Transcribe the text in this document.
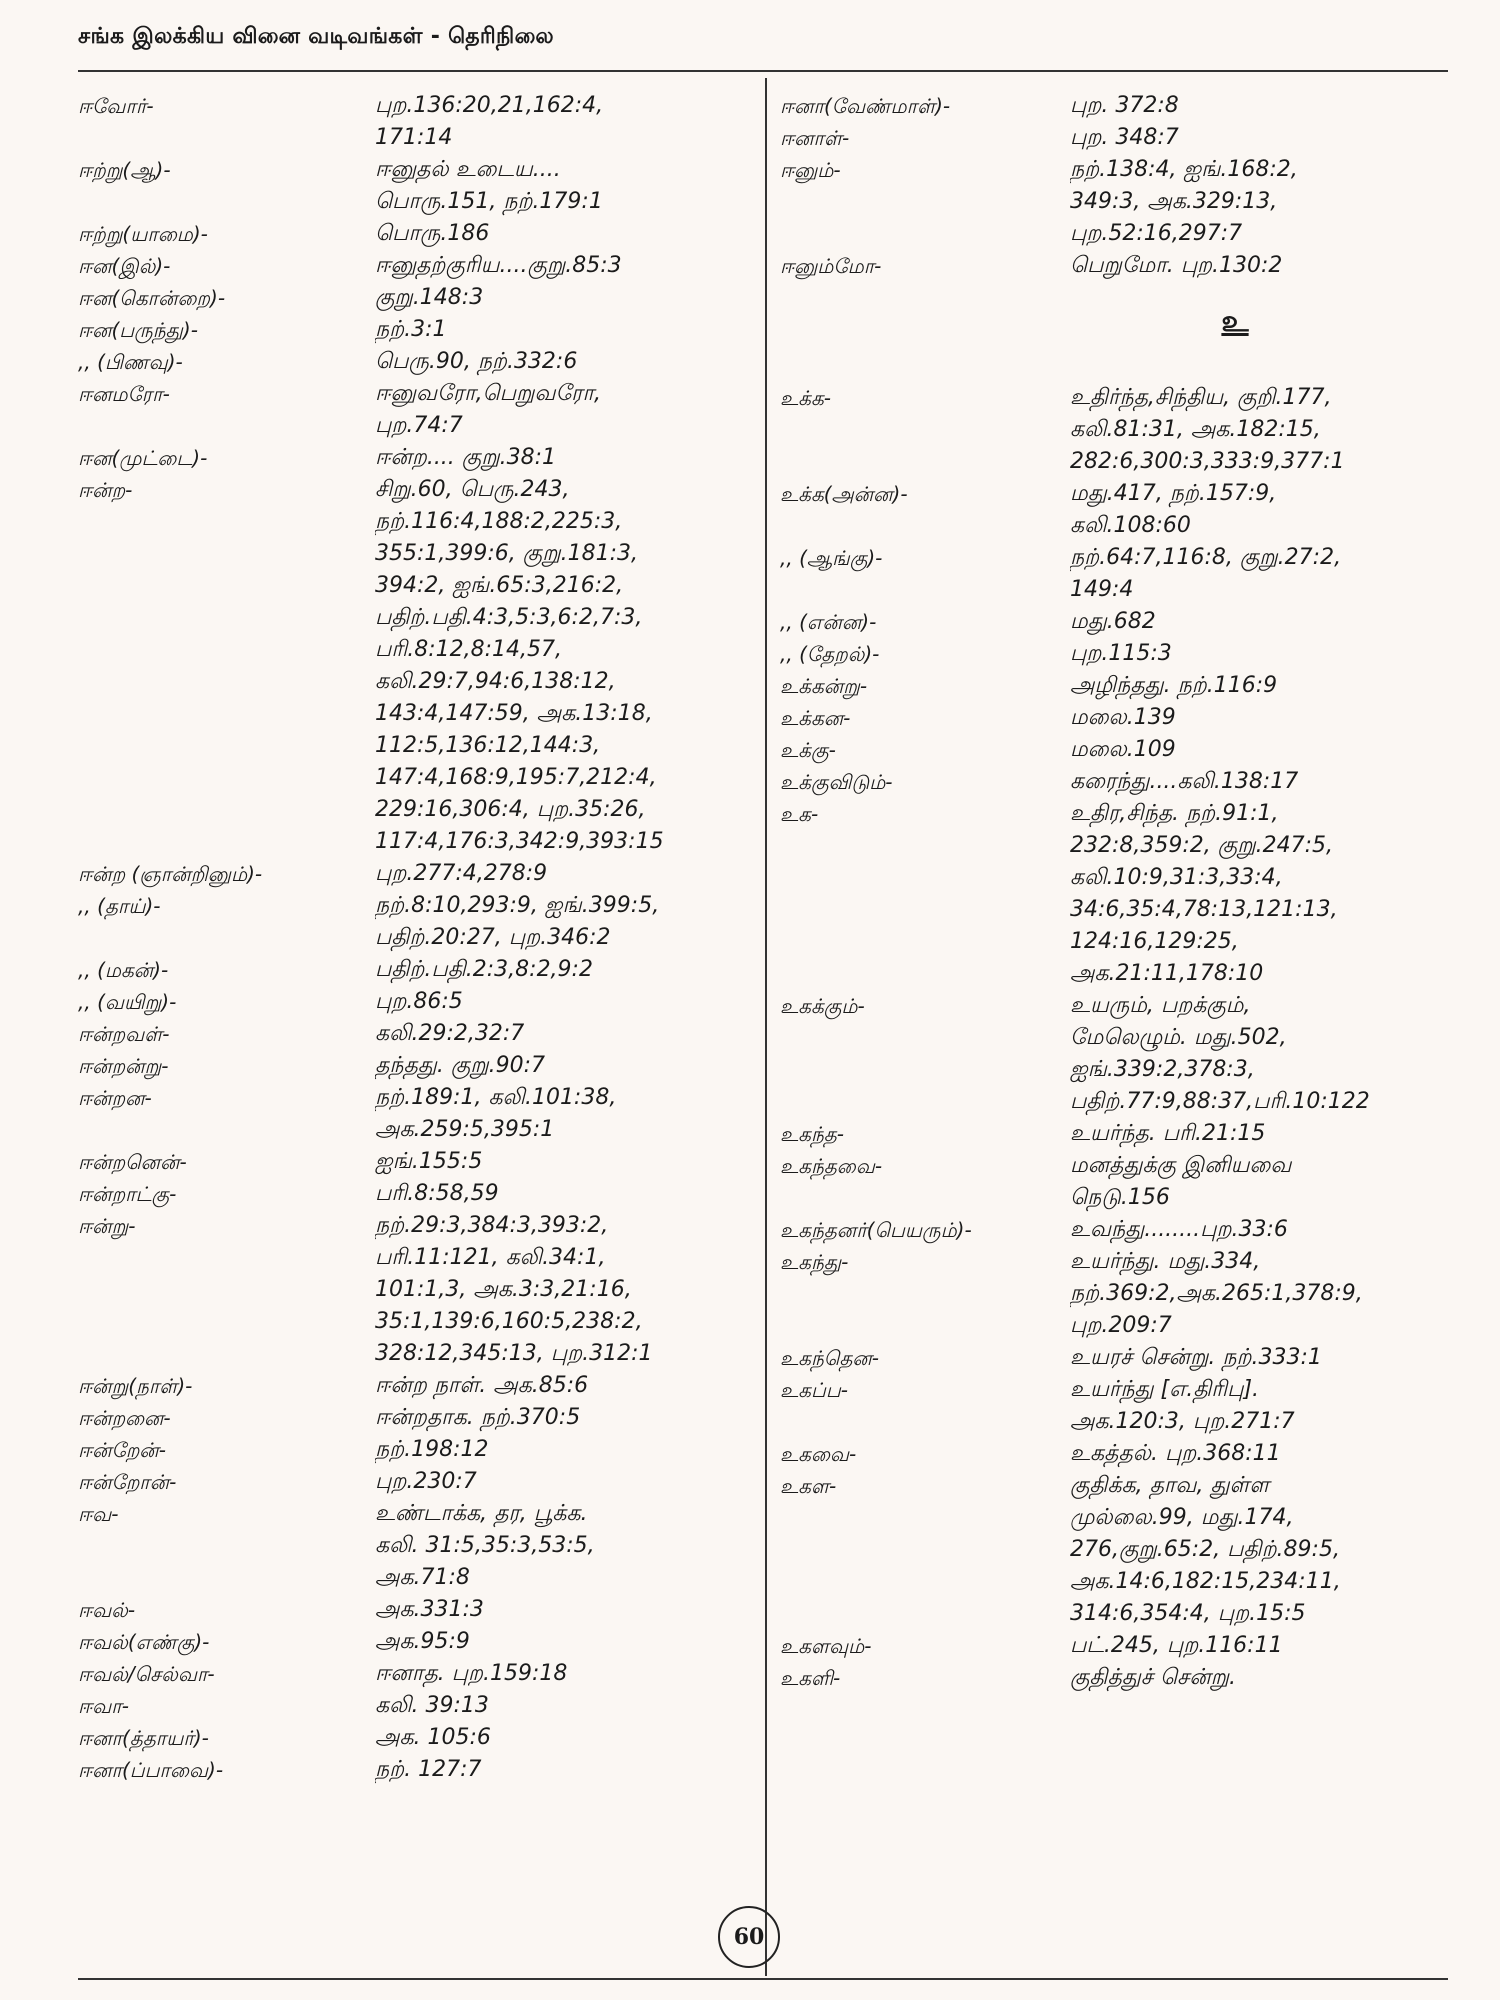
சங்க இலக்கிய வினை வடிவங்கள் - தெரிநிலை
ஈவோர்-	புற.136:20,21,162:4,
171:14
ஈற்று(ஆ)-	ஈனுதல் உடைய....
பொரு.151, நற்.179:1
ஈற்று(யாமை)-	பொரு.186
ஈன(இல்)-	ஈனுதற்குரிய....குறு.85:3
ஈன(கொன்றை)-	குறு.148:3
ஈன(பருந்து)-	நற்.3:1
,, (பிணவு)-	பெரு.90, நற்.332:6
ஈனமரோ-	ஈனுவரோ,பெறுவரோ,
புற.74:7
ஈன(முட்டை)-	ஈன்ற.... குறு.38:1
ஈன்ற-	சிறு.60, பெரு.243,
நற்.116:4,188:2,225:3,
355:1,399:6, குறு.181:3,
394:2, ஐங்.65:3,216:2,
பதிற்.பதி.4:3,5:3,6:2,7:3,
பரி.8:12,8:14,57,
கலி.29:7,94:6,138:12,
143:4,147:59, அக.13:18,
112:5,136:12,144:3,
147:4,168:9,195:7,212:4,
229:16,306:4, புற.35:26,
117:4,176:3,342:9,393:15
ஈன்ற (ஞான்றினும்)-	புற.277:4,278:9
,, (தாய்)-	நற்.8:10,293:9, ஐங்.399:5,
பதிற்.20:27, புற.346:2
,, (மகன்)-	பதிற்.பதி.2:3,8:2,9:2
,, (வயிறு)-	புற.86:5
ஈன்றவள்-	கலி.29:2,32:7
ஈன்றன்று-	தந்தது. குறு.90:7
ஈன்றன-	நற்.189:1, கலி.101:38,
அக.259:5,395:1
ஈன்றனென்-	ஐங்.155:5
ஈன்றாட்கு-	பரி.8:58,59
ஈன்று-	நற்.29:3,384:3,393:2,
பரி.11:121, கலி.34:1,
101:1,3, அக.3:3,21:16,
35:1,139:6,160:5,238:2,
328:12,345:13, புற.312:1
ஈன்று(நாள்)-	ஈன்ற நாள். அக.85:6
ஈன்றனை-	ஈன்றதாக. நற்.370:5
ஈன்றேன்-	நற்.198:12
ஈன்றோன்-	புற.230:7
ஈவ-	உண்டாக்க, தர, பூக்க.
கலி. 31:5,35:3,53:5,
அக.71:8
ஈவல்-	அக.331:3
ஈவல்(எண்கு)-	அக.95:9
ஈவல்/செல்வா-	ஈனாத. புற.159:18
ஈவா-	கலி. 39:13
ஈனா(த்தாயர்)-	அக. 105:6
ஈனா(ப்பாவை)-	நற். 127:7
ஈனா(வேண்மாள்)-	புற. 372:8
ஈனாள்-	புற. 348:7
ஈனும்-	நற்.138:4, ஐங்.168:2,
349:3, அக.329:13,
புற.52:16,297:7
ஈனும்மோ-	பெறுமோ. புற.130:2
உ
உக்க-	உதிர்ந்த,சிந்திய, குறி.177,
கலி.81:31, அக.182:15,
282:6,300:3,333:9,377:1
உக்க(அன்ன)-	மது.417, நற்.157:9,
கலி.108:60
,, (ஆங்கு)-	நற்.64:7,116:8, குறு.27:2,
149:4
,, (என்ன)-	மது.682
,, (தேறல்)-	புற.115:3
உக்கன்று-	அழிந்தது. நற்.116:9
உக்கன-	மலை.139
உக்கு-	மலை.109
உக்குவிடும்-	கரைந்து....கலி.138:17
உக-	உதிர,சிந்த. நற்.91:1,
232:8,359:2, குறு.247:5,
கலி.10:9,31:3,33:4,
34:6,35:4,78:13,121:13,
124:16,129:25,
அக.21:11,178:10
உகக்கும்-	உயரும், பறக்கும்,
மேலெழும். மது.502,
ஐங்.339:2,378:3,
பதிற்.77:9,88:37,பரி.10:122
உகந்த-	உயர்ந்த. பரி.21:15
உகந்தவை-	மனத்துக்கு இனியவை
நெடு.156
உகந்தனர்(பெயரும்)-	உவந்து........புற.33:6
உகந்து-	உயர்ந்து. மது.334,
நற்.369:2,அக.265:1,378:9,
புற.209:7
உகந்தென-	உயரச் சென்று. நற்.333:1
உகப்ப-	உயர்ந்து [எ.திரிபு].
அக.120:3, புற.271:7
உகவை-	உகத்தல். புற.368:11
உகள-	குதிக்க, தாவ, துள்ள
முல்லை.99, மது.174,
276,குறு.65:2, பதிற்.89:5,
அக.14:6,182:15,234:11,
314:6,354:4, புற.15:5
உகளவும்-	பட்.245, புற.116:11
உகளி-	குதித்துச் சென்று.
60
